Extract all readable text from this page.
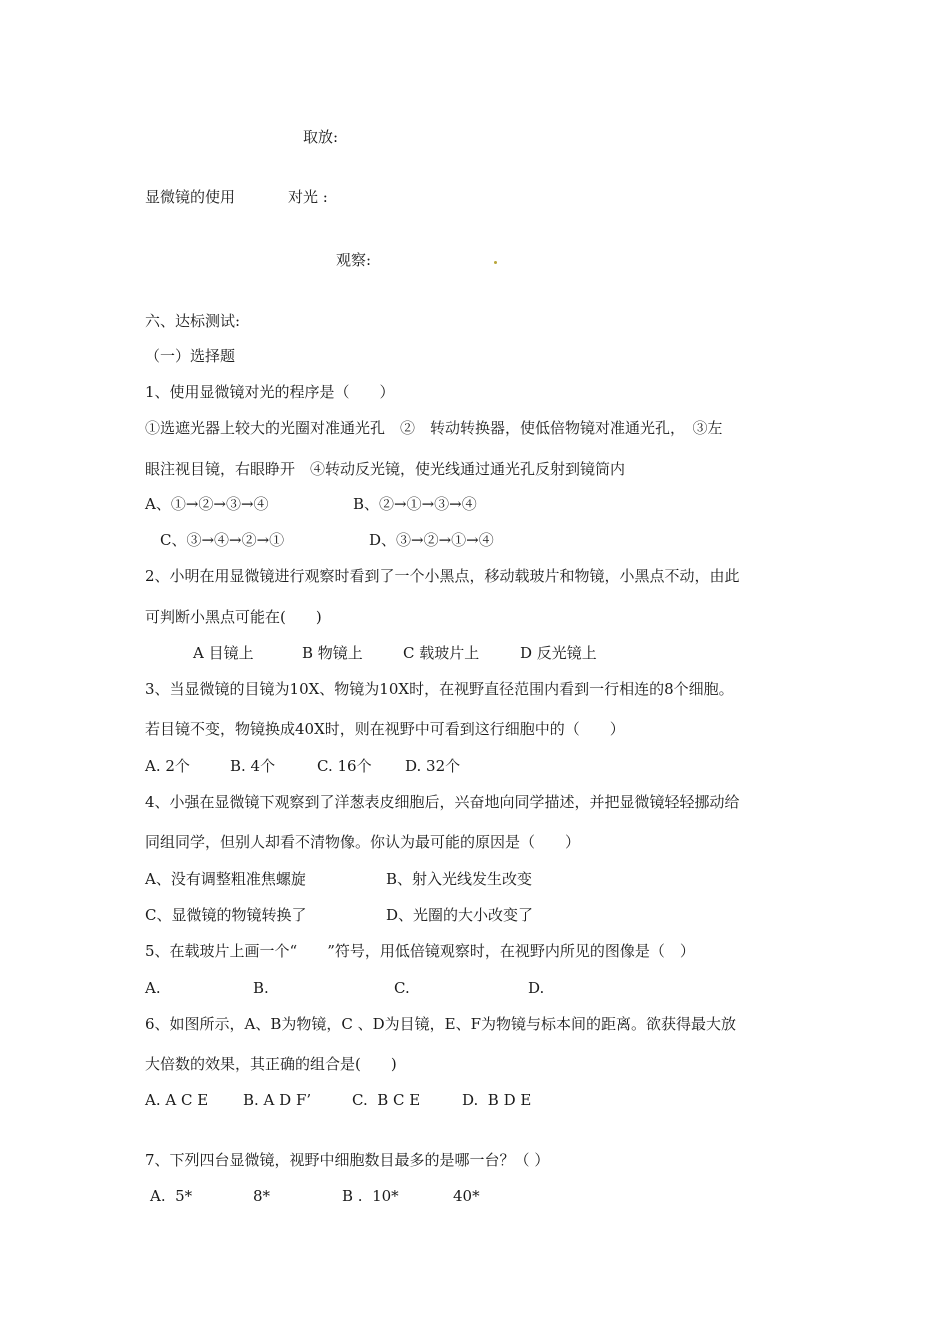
取放:
显微镜的使用	对光 :
观察:
六、达标测试:
（一）选择题
1、使用显微镜对光的程序是（　　）
①选遮光器上较大的光圈对准通光孔　②　转动转换器，使低倍物镜对准通光孔，　③左
眼注视目镜，右眼睁开　④转动反光镜，使光线通过通光孔反射到镜筒内
A、①→②→③→④	B、②→①→③→④
C、③→④→②→①	D、③→②→①→④
2、小明在用显微镜进行观察时看到了一个小黑点，移动载玻片和物镜，小黑点不动，由此
可判断小黑点可能在(　　)
A 目镜上	B 物镜上	C 载玻片上	D 反光镜上
3、当显微镜的目镜为10X、物镜为10X时，在视野直径范围内看到一行相连的8个细胞。
若目镜不变，物镜换成40X时，则在视野中可看到这行细胞中的（　　）
A. 2个	B. 4个	C. 16个 D. 32个
4、小强在显微镜下观察到了洋葱表皮细胞后，兴奋地向同学描述，并把显微镜轻轻挪动给
同组同学，但别人却看不清物像。你认为最可能的原因是（　　）
A、没有调整粗准焦螺旋	B、射入光线发生改变
C、显微镜的物镜转换了	D、光圈的大小改变了
5、在载玻片上画一个“　　”符号，用低倍镜观察时，在视野内所见的图像是（　）
A.	B.	C.	D.
6、如图所示，A、B为物镜，C 、D为目镜，E、F为物镜与标本间的距离。欲获得最大放
大倍数的效果，其正确的组合是(　　)
A. A C E B. A D F’	C.  B C E	D.  B D E
7、下列四台显微镜，视野中细胞数目最多的是哪一台？（ ）
A.  5*	8*	B .  10*	40*
